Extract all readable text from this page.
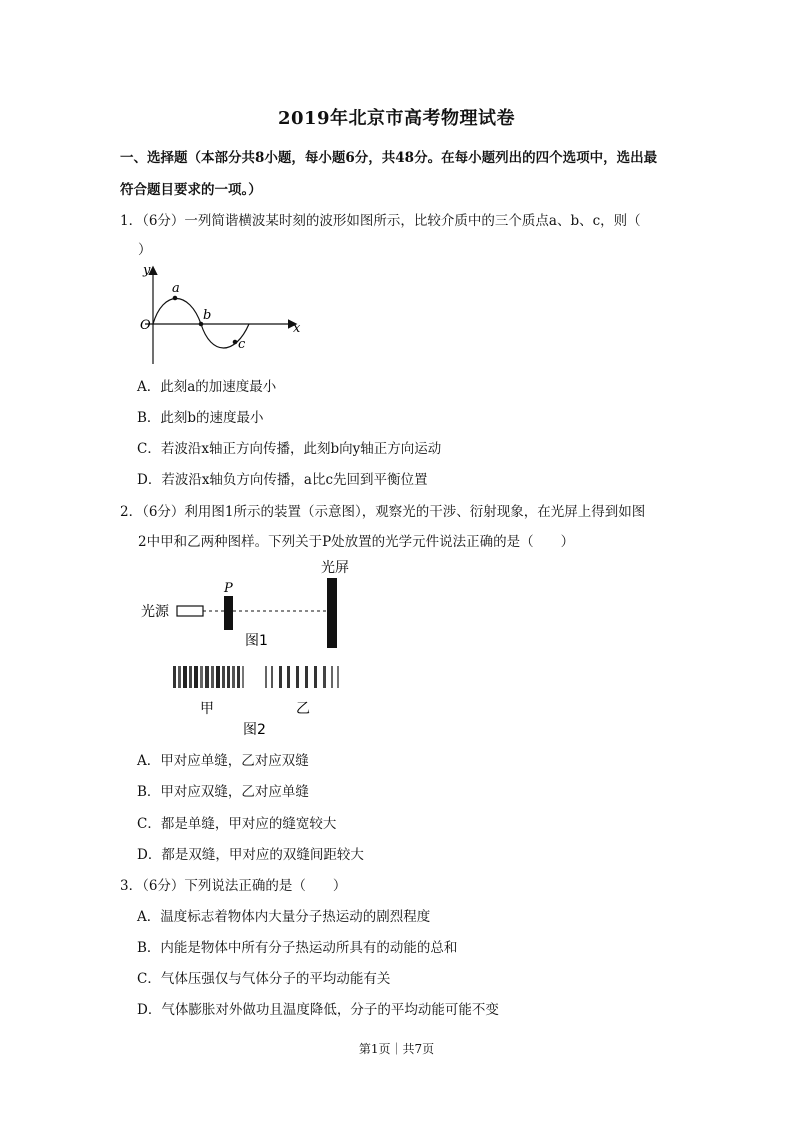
2019年北京市高考物理试卷
一、选择题（本部分共8小题，每小题6分，共48分。在每小题列出的四个选项中，选出最
符合题目要求的一项。）
1．（6分）一列简谐横波某时刻的波形如图所示，比较介质中的三个质点a、b、c，则（
）
y
O	x
a
b
c
A．此刻a的加速度最小
B．此刻b的速度最小
C．若波沿x轴正方向传播，此刻b向y轴正方向运动
D．若波沿x轴负方向传播，a比c先回到平衡位置
2．（6分）利用图1所示的装置（示意图），观察光的干涉、衍射现象，在光屏上得到如图
2中甲和乙两种图样。下列关于P处放置的光学元件说法正确的是（　　）
光屏
P
光源
图1
甲	乙
图2
A．甲对应单缝，乙对应双缝
B．甲对应双缝，乙对应单缝
C．都是单缝，甲对应的缝宽较大
D．都是双缝，甲对应的双缝间距较大
3．（6分）下列说法正确的是（　　）
A．温度标志着物体内大量分子热运动的剧烈程度
B．内能是物体中所有分子热运动所具有的动能的总和
C．气体压强仅与气体分子的平均动能有关
D．气体膨胀对外做功且温度降低，分子的平均动能可能不变
第1页｜共7页
